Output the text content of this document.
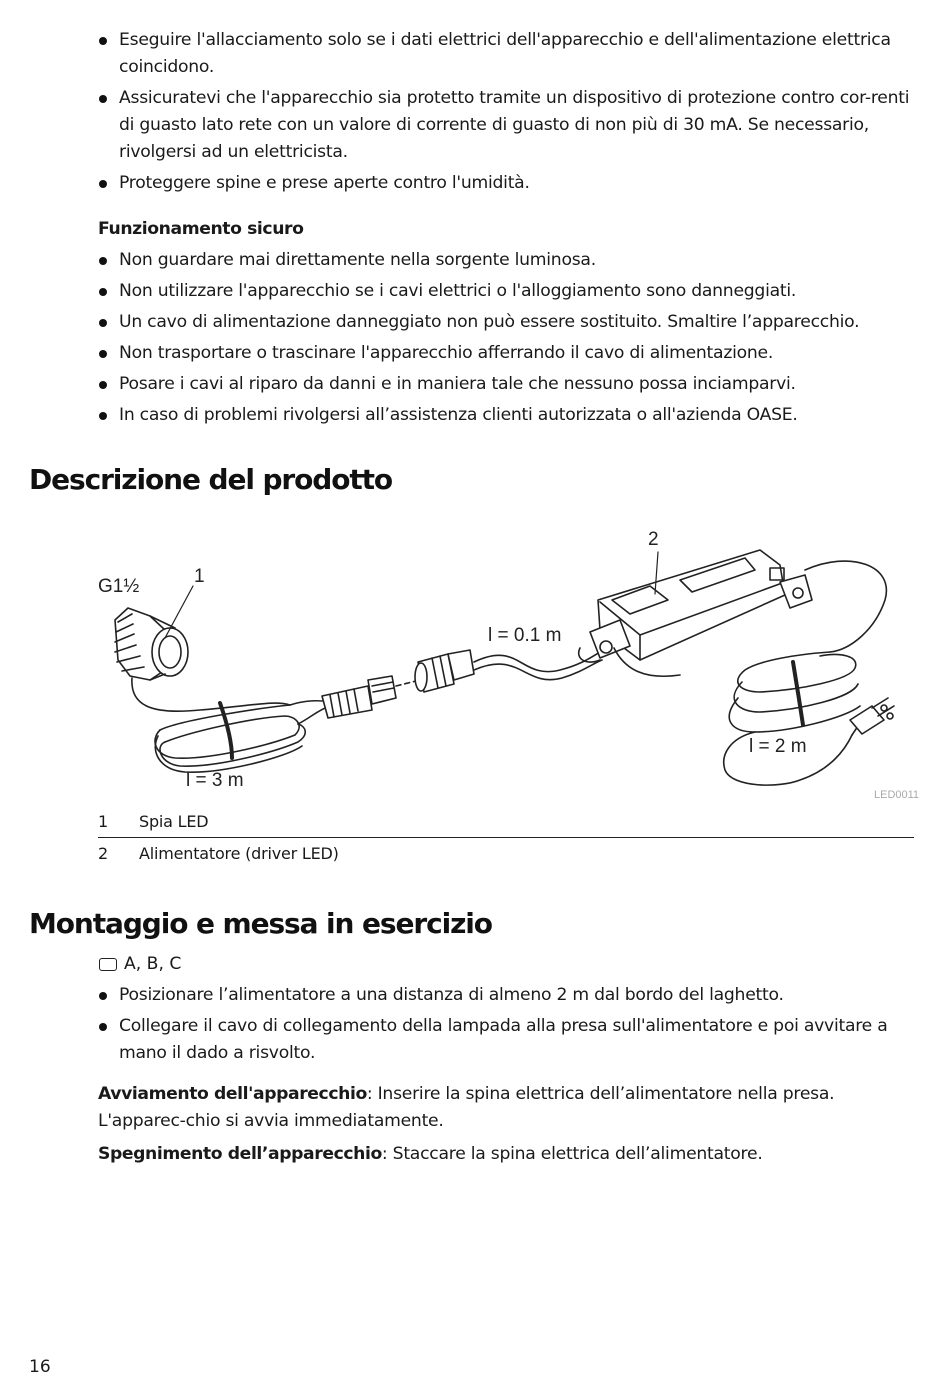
Eseguire l'allacciamento solo se i dati elettrici dell'apparecchio e dell'alimentazione elettrica coincidono.
Assicuratevi che l'apparecchio sia protetto tramite un dispositivo di protezione contro cor-renti di guasto lato rete con un valore di corrente di guasto di non più di 30 mA. Se necessario, rivolgersi ad un elettricista.
Proteggere spine e prese aperte contro l'umidità.
Funzionamento sicuro
Non guardare mai direttamente nella sorgente luminosa.
Non utilizzare l'apparecchio se i cavi elettrici o l'alloggiamento sono danneggiati.
Un cavo di alimentazione danneggiato non può essere sostituito. Smaltire l’apparecchio.
Non trasportare o trascinare l'apparecchio afferrando il cavo di alimentazione.
Posare i cavi al riparo da danni e in maniera tale che nessuno possa inciamparvi.
In caso di problemi rivolgersi all’assistenza clienti autorizzata o all'azienda OASE.
Descrizione del prodotto
G1½	1
2
l = 0.1 m
l = 3 m
l = 2 m
LED0011
1	Spia LED
2	Alimentatore (driver LED)
Montaggio e messa in esercizio
A, B, C
Posizionare l’alimentatore a una distanza di almeno 2 m dal bordo del laghetto.
Collegare il cavo di collegamento della lampada alla presa sull'alimentatore e poi avvitare a mano il dado a risvolto.

Avviamento dell'apparecchio: Inserire la spina elettrica dell’alimentatore nella presa. L'apparec-chio si avvia immediatamente.

Spegnimento dell’apparecchio: Staccare la spina elettrica dell’alimentatore.

16
